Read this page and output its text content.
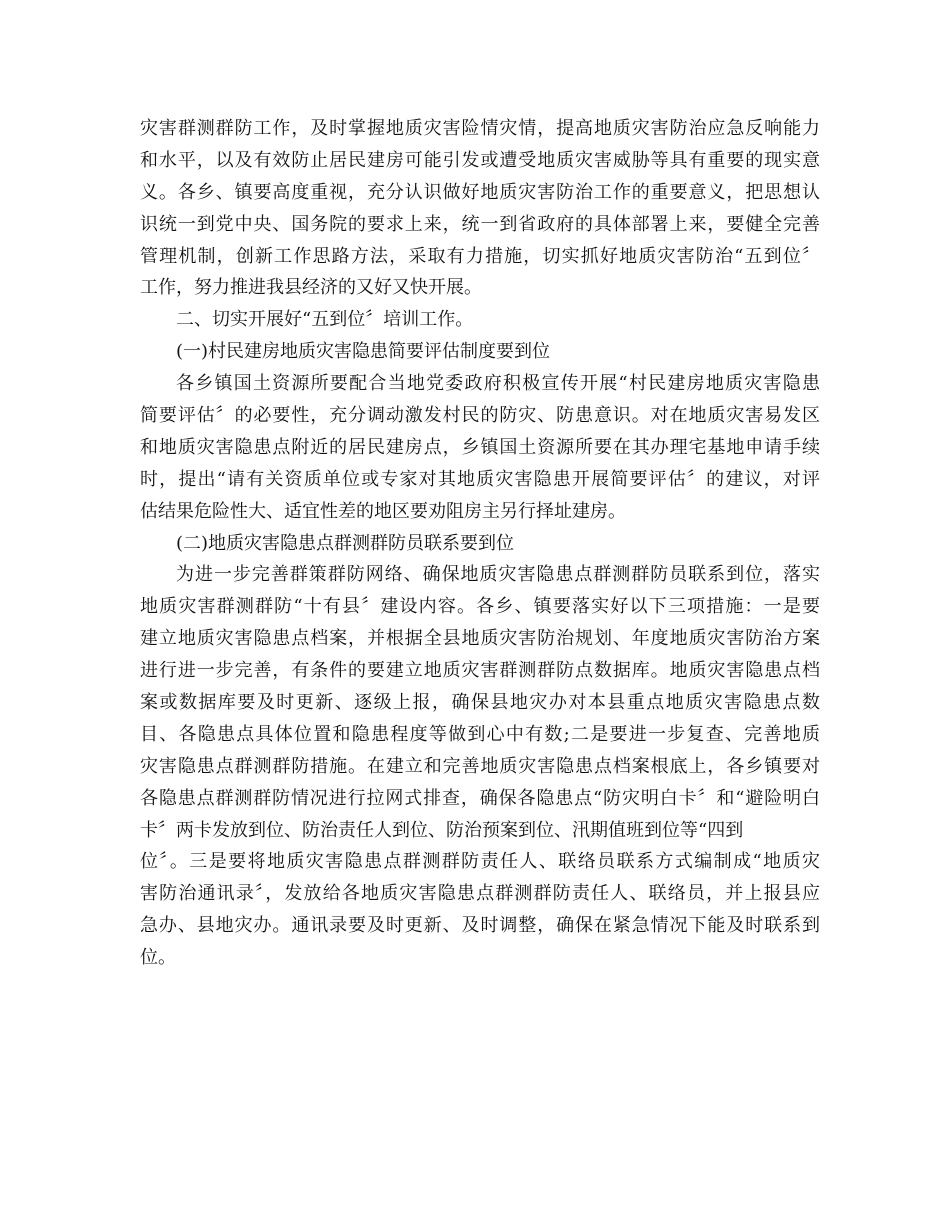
灾害群测群防工作，及时掌握地质灾害险情灾情，提高地质灾害防治应急反响能力
和水平，以及有效防止居民建房可能引发或遭受地质灾害威胁等具有重要的现实意
义。各乡、镇要高度重视，充分认识做好地质灾害防治工作的重要意义，把思想认
识统一到党中央、国务院的要求上来，统一到省政府的具体部署上来，要健全完善
管理机制，创新工作思路方法，采取有力措施，切实抓好地质灾害防治“五到位〞
工作，努力推进我县经济的又好又快开展。
二、切实开展好“五到位〞培训工作。
(一)村民建房地质灾害隐患简要评估制度要到位
各乡镇国土资源所要配合当地党委政府积极宣传开展“村民建房地质灾害隐患
简要评估〞的必要性，充分调动激发村民的防灾、防患意识。对在地质灾害易发区
和地质灾害隐患点附近的居民建房点，乡镇国土资源所要在其办理宅基地申请手续
时，提出“请有关资质单位或专家对其地质灾害隐患开展简要评估〞的建议，对评
估结果危险性大、适宜性差的地区要劝阻房主另行择址建房。
(二)地质灾害隐患点群测群防员联系要到位
为进一步完善群策群防网络、确保地质灾害隐患点群测群防员联系到位，落实
地质灾害群测群防“十有县〞建设内容。各乡、镇要落实好以下三项措施：一是要
建立地质灾害隐患点档案，并根据全县地质灾害防治规划、年度地质灾害防治方案
进行进一步完善，有条件的要建立地质灾害群测群防点数据库。地质灾害隐患点档
案或数据库要及时更新、逐级上报，确保县地灾办对本县重点地质灾害隐患点数
目、各隐患点具体位置和隐患程度等做到心中有数;二是要进一步复查、完善地质
灾害隐患点群测群防措施。在建立和完善地质灾害隐患点档案根底上，各乡镇要对
各隐患点群测群防情况进行拉网式排查，确保各隐患点“防灾明白卡〞和“避险明白
卡〞两卡发放到位、防治责任人到位、防治预案到位、汛期值班到位等“四到
位〞。三是要将地质灾害隐患点群测群防责任人、联络员联系方式编制成“地质灾
害防治通讯录〞，发放给各地质灾害隐患点群测群防责任人、联络员，并上报县应
急办、县地灾办。通讯录要及时更新、及时调整，确保在紧急情况下能及时联系到
位。
